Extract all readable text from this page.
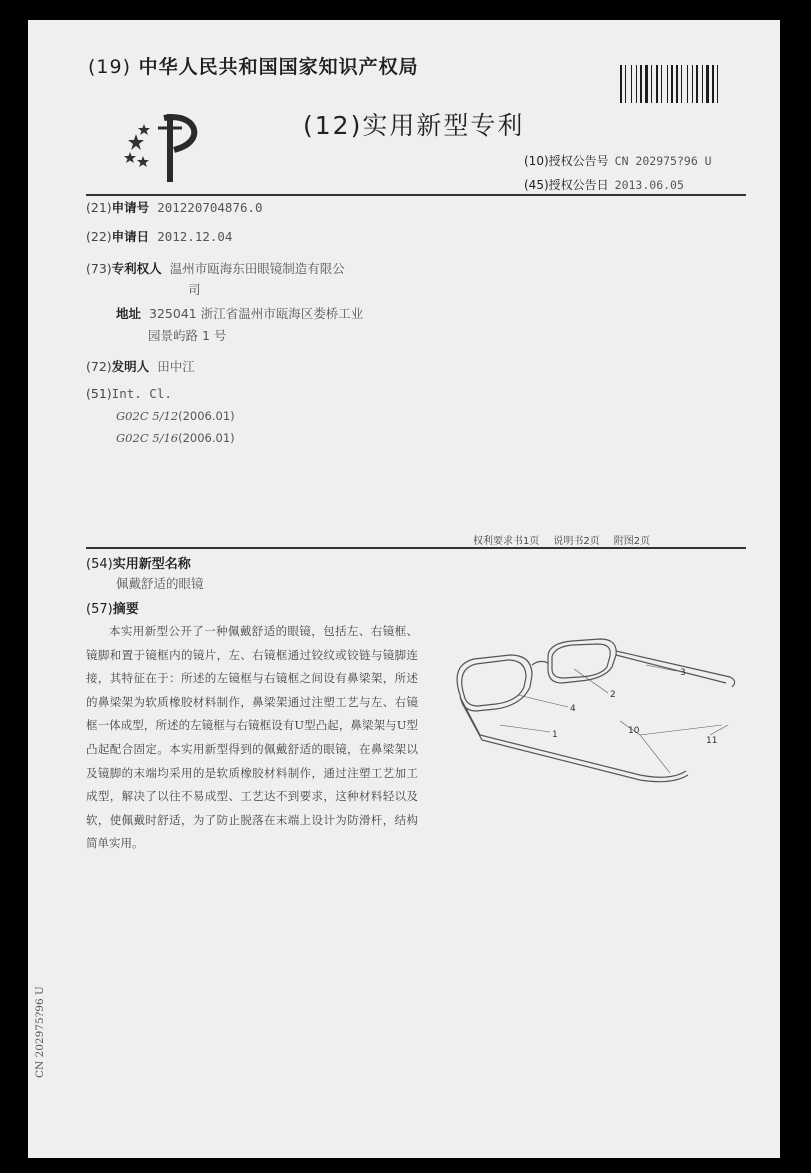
(19) 中华人民共和国国家知识产权局
(12)实用新型专利
(10)授权公告号 CN 202975?96 U
(45)授权公告日 2013.06.05
(21)申请号 201220704876.0
(22)申请日 2012.12.04
(73)专利权人 温州市瓯海东田眼镜制造有限公
司
地址 325041 浙江省温州市瓯海区娄桥工业
园景屿路 1 号
(72)发明人 田中江
(51)Int. Cl.
G02C 5/12(2006.01)
G02C 5/16(2006.01)
权利要求书1页 说明书2页 附图2页
(54)实用新型名称
佩戴舒适的眼镜
(57)摘要
本实用新型公开了一种佩戴舒适的眼镜，包括左、右镜框、镜脚和置于镜框内的镜片，左、右镜框通过铰纹或铰链与镜脚连接，其特征在于：所述的左镜框与右镜框之间设有鼻梁架，所述的鼻梁架为软质橡胶材料制作，鼻梁架通过注塑工艺与左、右镜框一体成型，所述的左镜框与右镜框设有U型凸起，鼻梁架与U型凸起配合固定。本实用新型得到的佩戴舒适的眼镜，在鼻梁架以及镜脚的末端均采用的是软质橡胶材料制作，通过注塑工艺加工成型，解决了以往不易成型、工艺达不到要求，这种材料轻以及软，使佩戴时舒适，为了防止脱落在末端上设计为防滑杆，结构简单实用。
4
2
3
1	10
11
CN 202975?96 U
